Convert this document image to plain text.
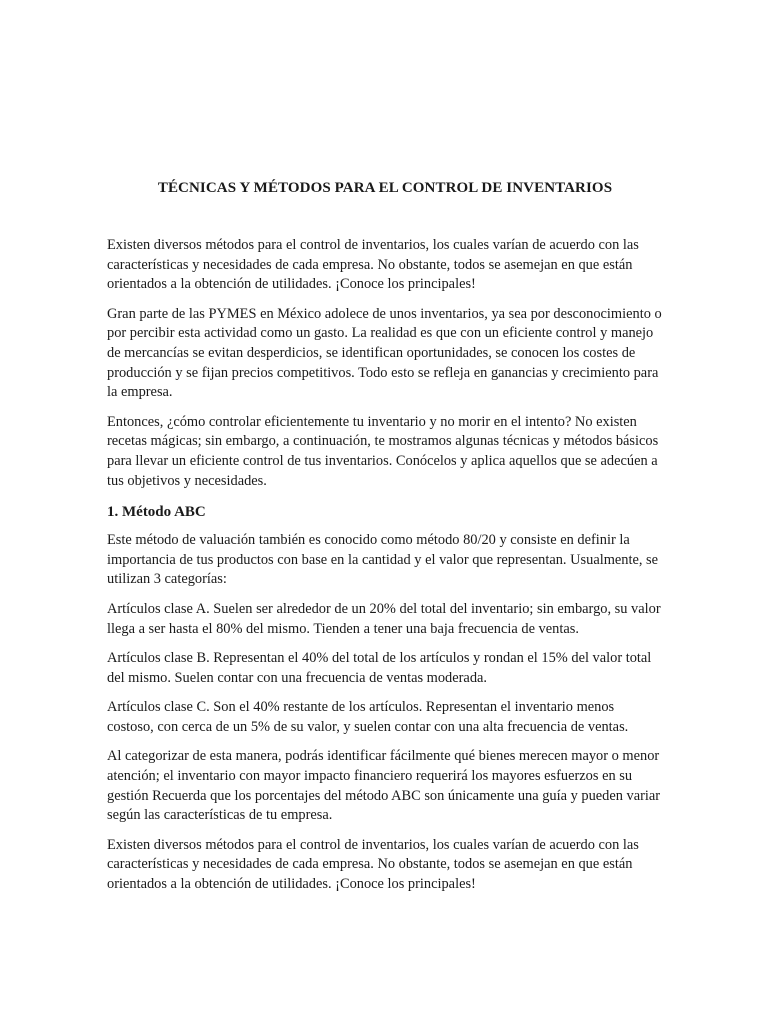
TÉCNICAS Y MÉTODOS PARA EL CONTROL DE INVENTARIOS

Existen diversos métodos para el control de inventarios, los cuales varían de acuerdo con las características y necesidades de cada empresa. No obstante, todos se asemejan en que están orientados a la obtención de utilidades. ¡Conoce los principales!

Gran parte de las PYMES en México adolece de unos inventarios, ya sea por desconocimiento o por percibir esta actividad como un gasto. La realidad es que con un eficiente control y manejo de mercancías se evitan desperdicios, se identifican oportunidades, se conocen los costes de producción y se fijan precios competitivos. Todo esto se refleja en ganancias y crecimiento para la empresa.

Entonces, ¿cómo controlar eficientemente tu inventario y no morir en el intento? No existen recetas mágicas; sin embargo, a continuación, te mostramos algunas técnicas y métodos básicos para llevar un eficiente control de tus inventarios. Conócelos y aplica aquellos que se adecúen a tus objetivos y necesidades.

1. Método ABC

Este método de valuación también es conocido como método 80/20 y consiste en definir la importancia de tus productos con base en la cantidad y el valor que representan. Usualmente, se utilizan 3 categorías:

Artículos clase A. Suelen ser alrededor de un 20% del total del inventario; sin embargo, su valor llega a ser hasta el 80% del mismo. Tienden a tener una baja frecuencia de ventas.

Artículos clase B. Representan el 40% del total de los artículos y rondan el 15% del valor total del mismo. Suelen contar con una frecuencia de ventas moderada.

Artículos clase C. Son el 40% restante de los artículos. Representan el inventario menos costoso, con cerca de un 5% de su valor, y suelen contar con una alta frecuencia de ventas.

Al categorizar de esta manera, podrás identificar fácilmente qué bienes merecen mayor o menor atención; el inventario con mayor impacto financiero requerirá los mayores esfuerzos en su gestión Recuerda que los porcentajes del método ABC son únicamente una guía y pueden variar según las características de tu empresa.

Existen diversos métodos para el control de inventarios, los cuales varían de acuerdo con las características y necesidades de cada empresa. No obstante, todos se asemejan en que están orientados a la obtención de utilidades. ¡Conoce los principales!
